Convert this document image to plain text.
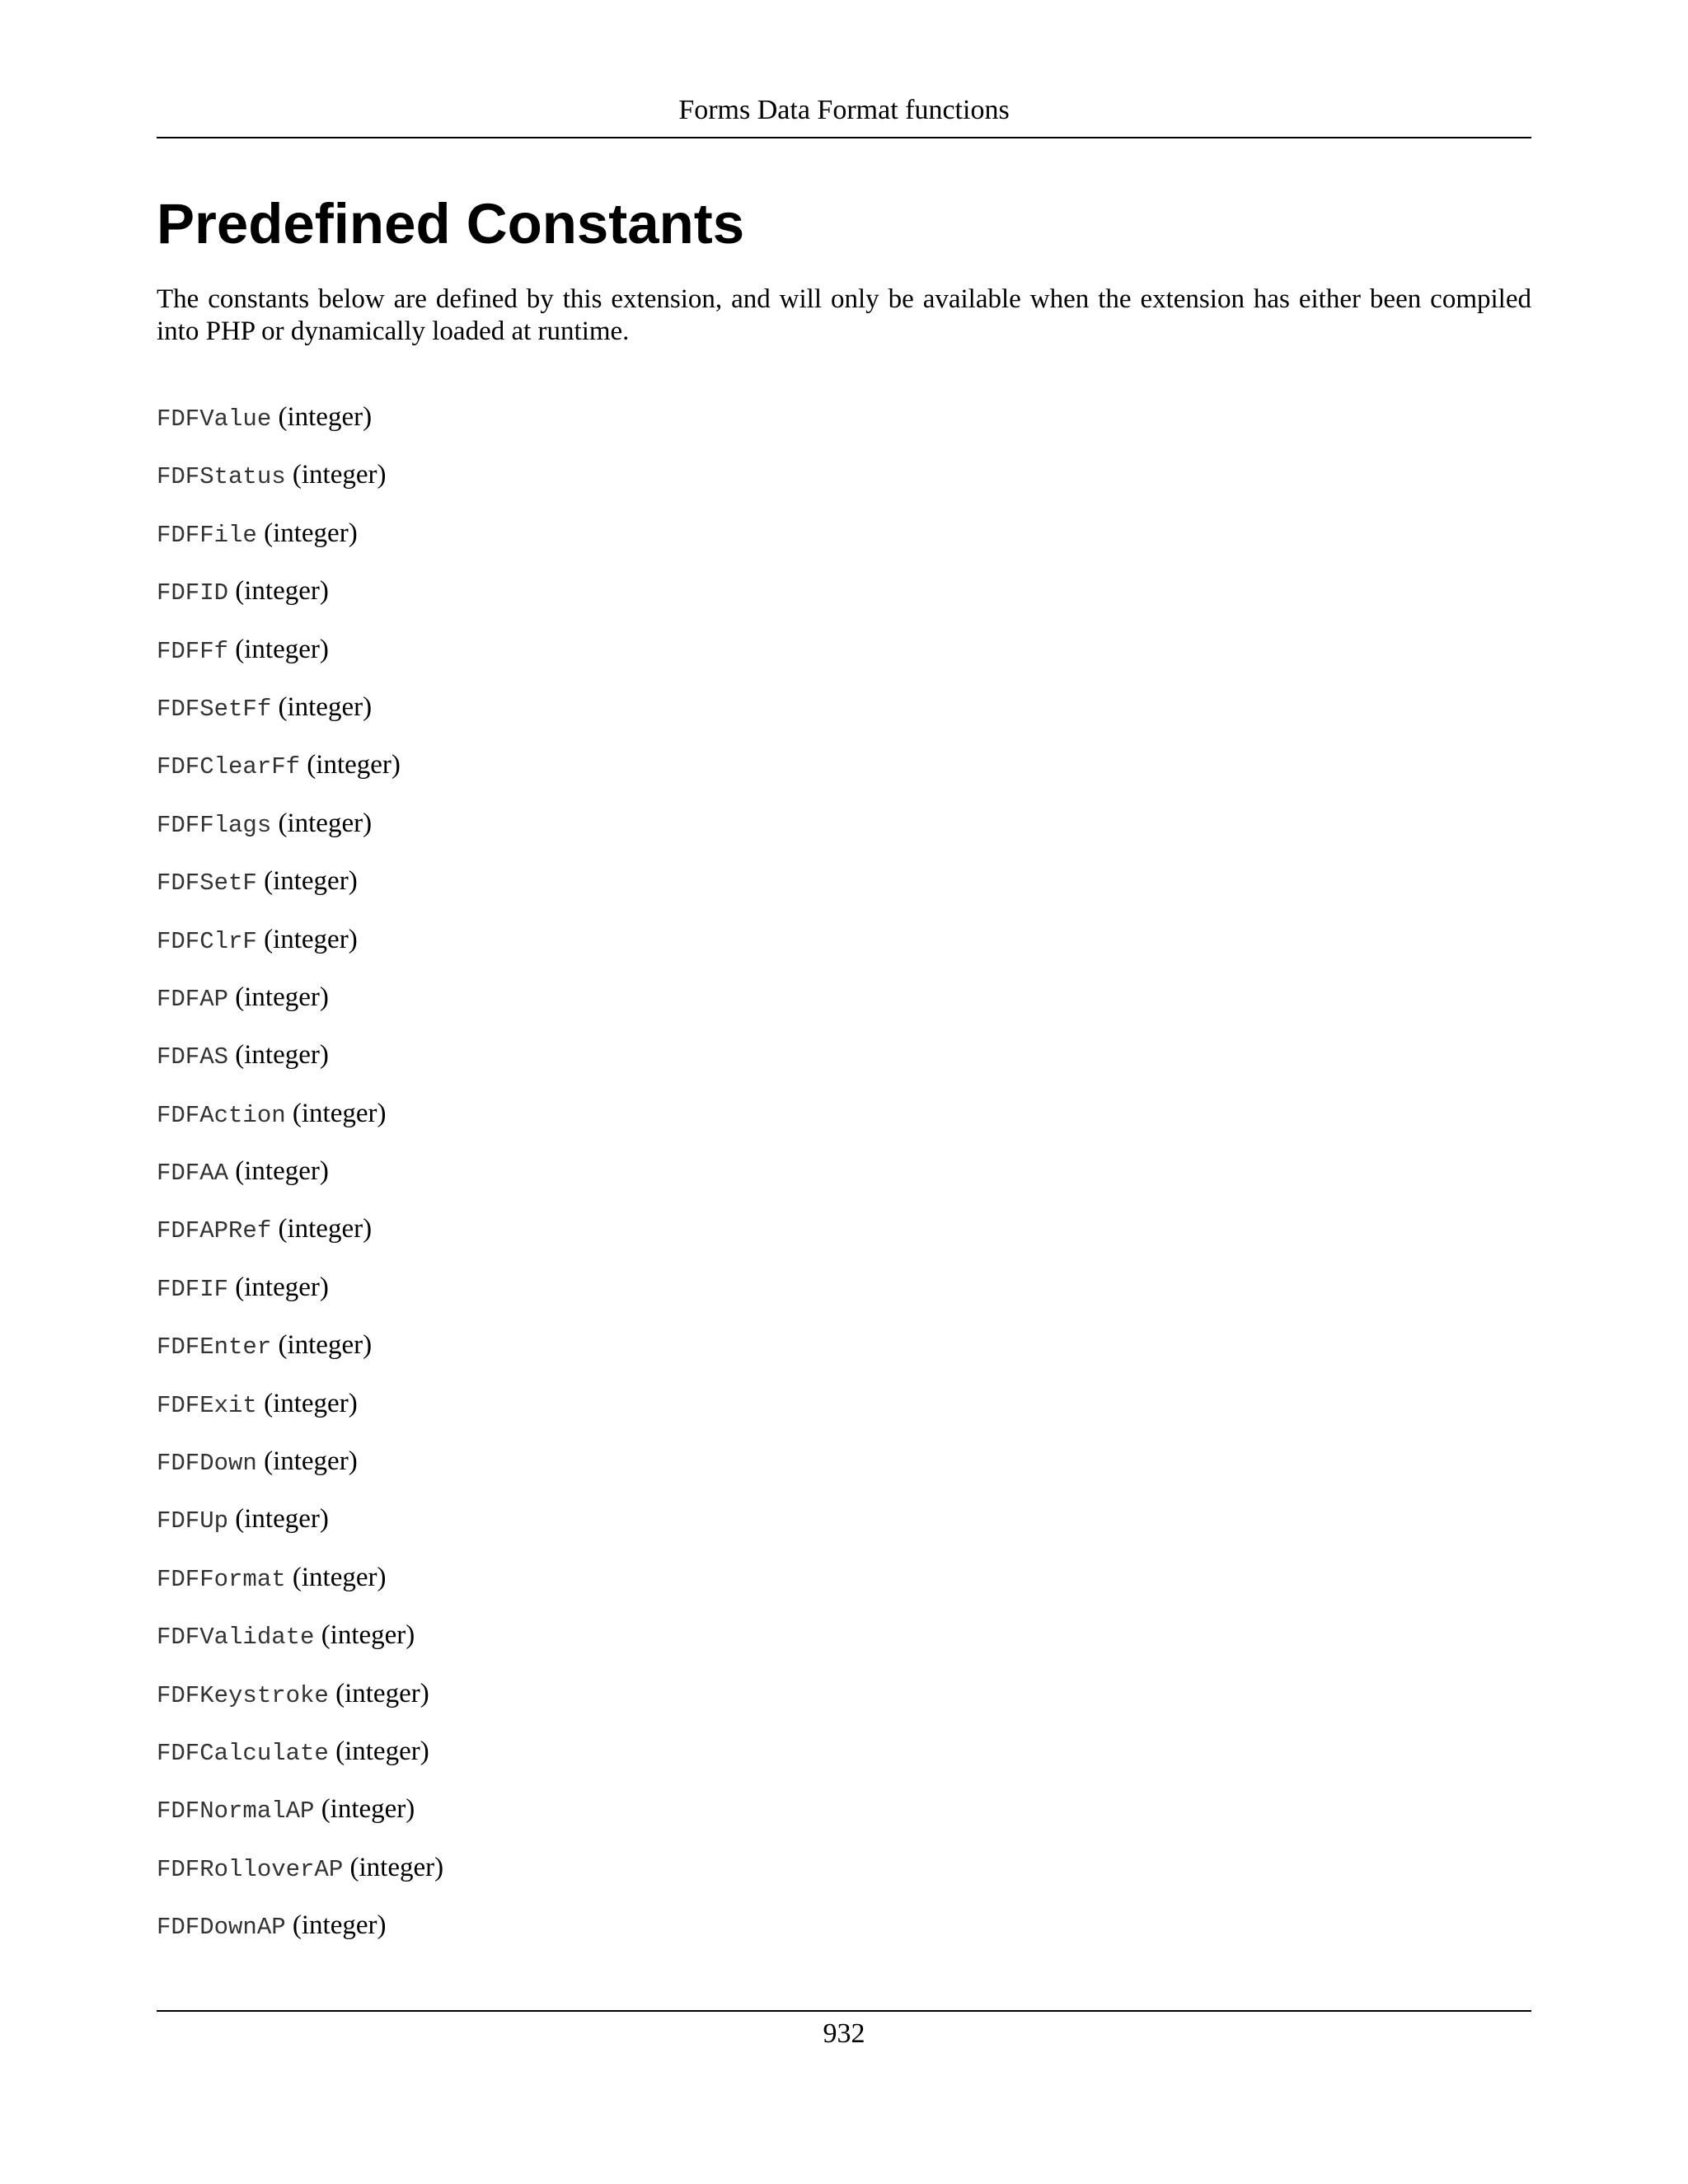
Forms Data Format functions
Predefined Constants

The constants below are defined by this extension, and will only be available when the extension has either been compiled into PHP or dynamically loaded at runtime.

FDFValue (integer)
FDFStatus (integer)
FDFFile (integer)
FDFID (integer)
FDFFf (integer)
FDFSetFf (integer)
FDFClearFf (integer)
FDFFlags (integer)
FDFSetF (integer)
FDFClrF (integer)
FDFAP (integer)
FDFAS (integer)
FDFAction (integer)
FDFAA (integer)
FDFAPRef (integer)
FDFIF (integer)
FDFEnter (integer)
FDFExit (integer)
FDFDown (integer)
FDFUp (integer)
FDFFormat (integer)
FDFValidate (integer)
FDFKeystroke (integer)
FDFCalculate (integer)
FDFNormalAP (integer)
FDFRolloverAP (integer)
FDFDownAP (integer)
932
